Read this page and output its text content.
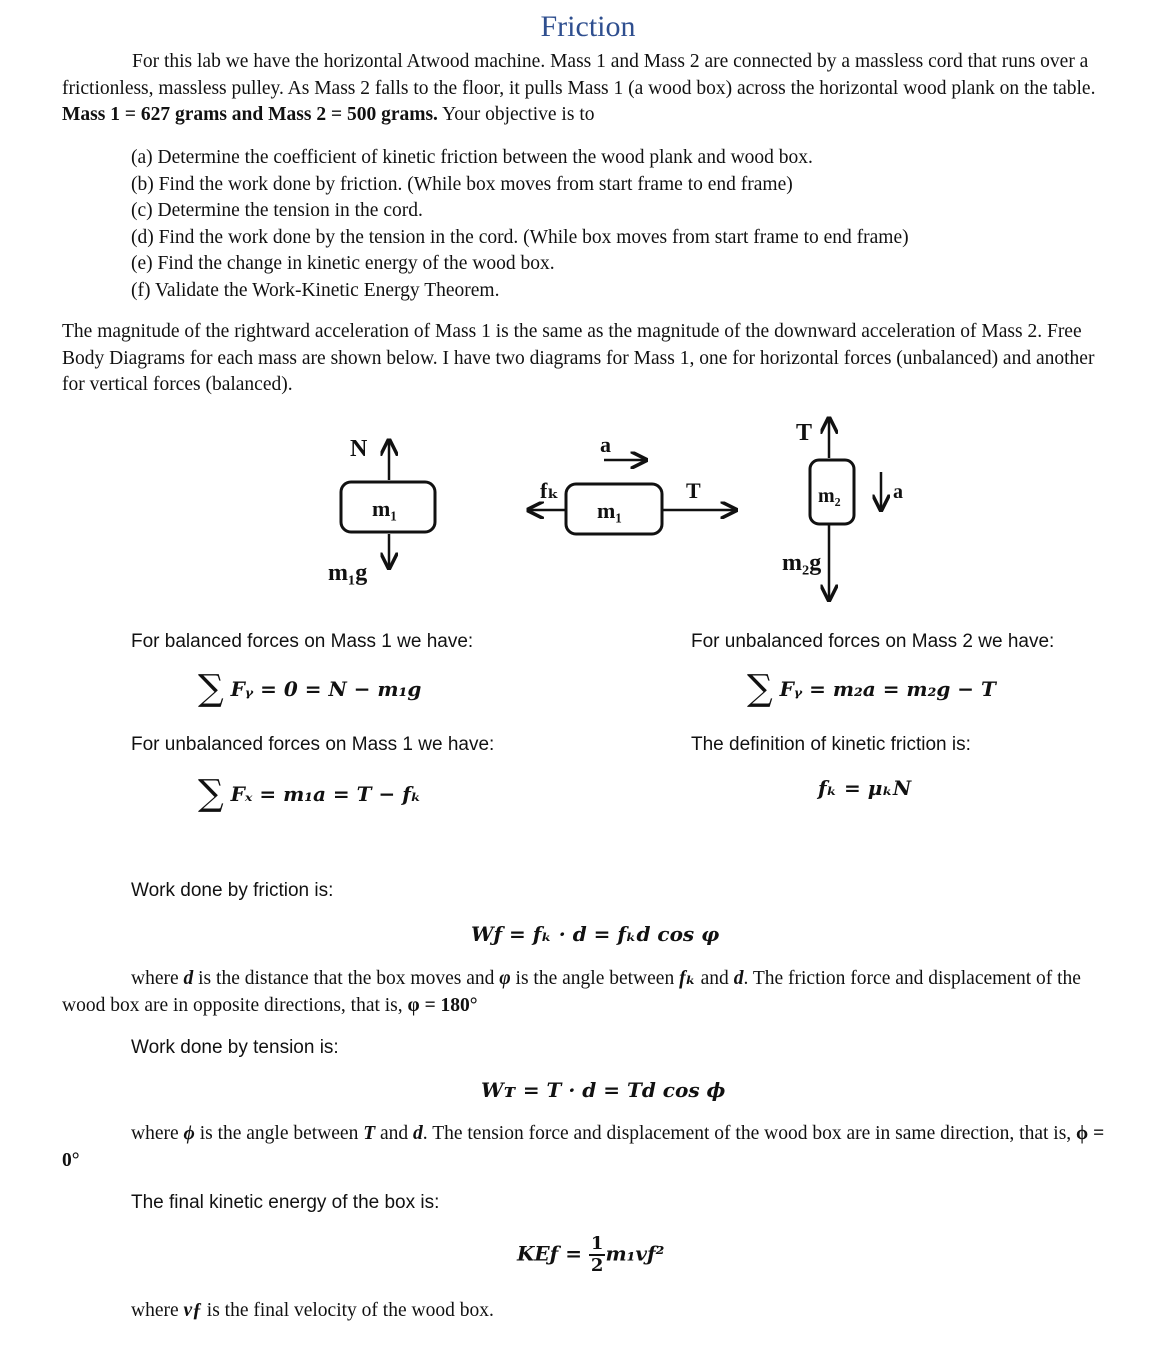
Friction
For this lab we have the horizontal Atwood machine. Mass 1 and Mass 2 are connected by a massless cord that runs over a frictionless, massless pulley. As Mass 2 falls to the floor, it pulls Mass 1 (a wood box) across the horizontal wood plank on the table. Mass 1 = 627 grams and Mass 2 = 500 grams. Your objective is to
(a) Determine the coefficient of kinetic friction between the wood plank and wood box.
(b) Find the work done by friction. (While box moves from start frame to end frame)
(c) Determine the tension in the cord.
(d) Find the work done by the tension in the cord. (While box moves from start frame to end frame)
(e) Find the change in kinetic energy of the wood box.
(f) Validate the Work-Kinetic Energy Theorem.
The magnitude of the rightward acceleration of Mass 1 is the same as the magnitude of the downward acceleration of Mass 2. Free Body Diagrams for each mass are shown below. I have two diagrams for Mass 1, one for horizontal forces (unbalanced) and another for vertical forces (balanced).
N
m₁
m₁g
a
fₖ
m₁
T
T
m₂	a
m₂g
For balanced forces on Mass 1 we have:
∑ Fᵧ = 0 = N − m₁g
For unbalanced forces on Mass 2 we have:
∑ Fᵧ = m₂a = m₂g − T
For unbalanced forces on Mass 1 we have:
∑ Fₓ = m₁a = T − fₖ
The definition of kinetic friction is:
fₖ = μₖN
Work done by friction is:
Wƒ = fₖ · d = fₖd cos φ
where d is the distance that the box moves and φ is the angle between fₖ and d. The friction force and displacement of the wood box are in opposite directions, that is, φ = 180°
Work done by tension is:
Wᴛ = T · d = Td cos ϕ
where ϕ is the angle between T and d. The tension force and displacement of the wood box are in same direction, that is, ϕ = 0°
The final kinetic energy of the box is:
KEƒ = $\frac{1}{2}$ m₁vƒ²
where vƒ is the final velocity of the wood box.
